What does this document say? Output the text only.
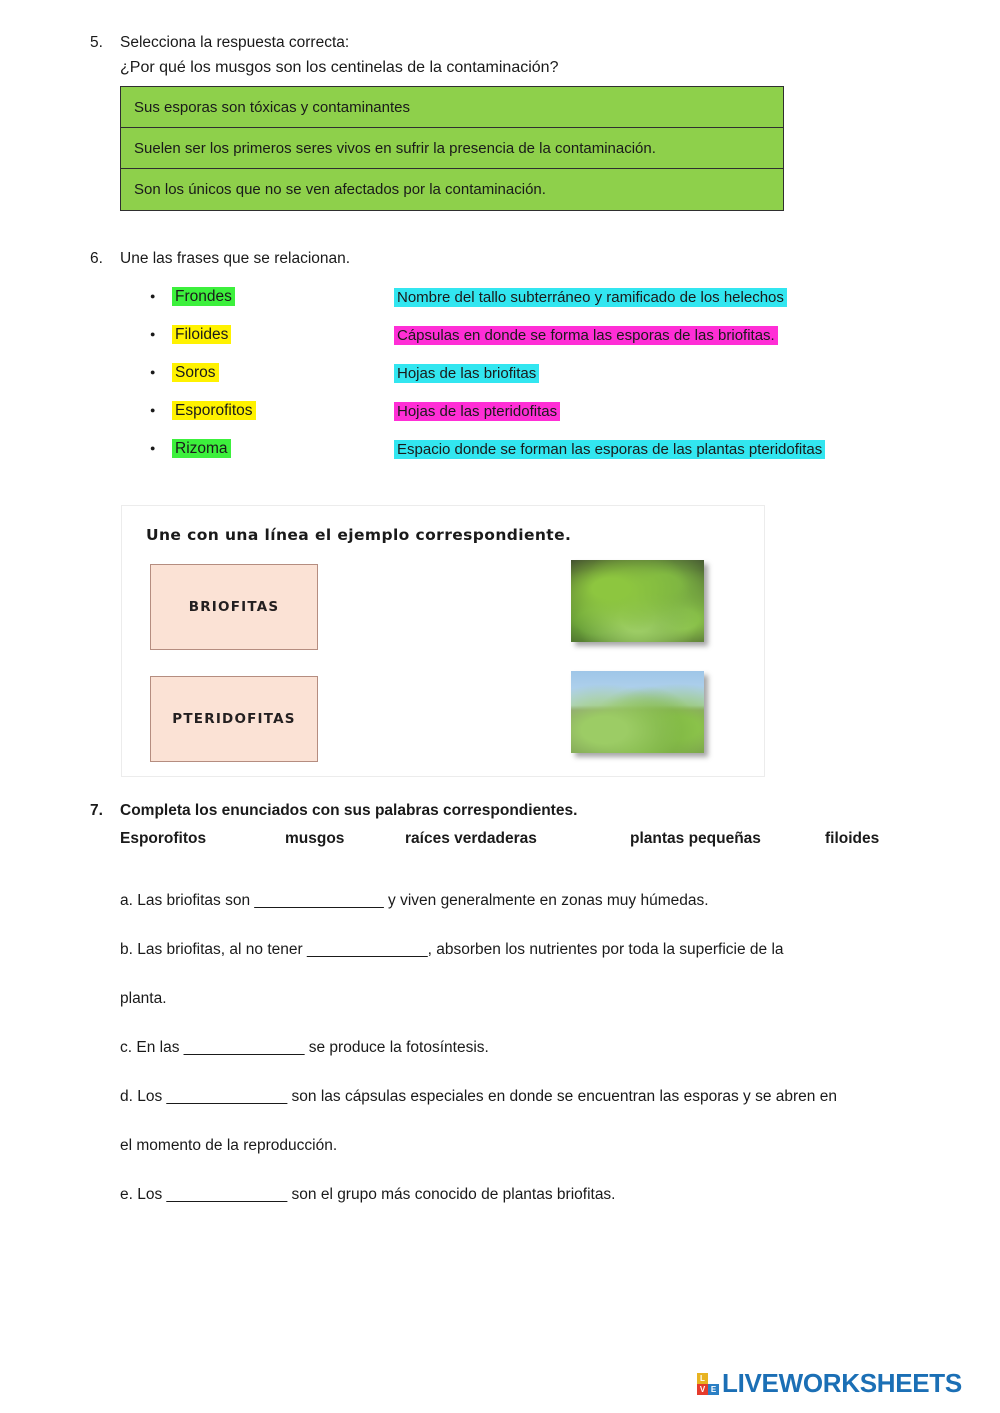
5.	Selecciona la respuesta correcta:
¿Por qué los musgos son los centinelas de la contaminación?
Sus esporas son tóxicas y contaminantes
Suelen ser los primeros seres vivos en sufrir la presencia de la contaminación.
Son los únicos que no se ven afectados por la contaminación.
6.	Une las frases que se relacionan.
●
Frondes	Nombre del tallo subterráneo y ramificado de los helechos
●
Filoides	Cápsulas en donde se forma las esporas de las briofitas.
●
Soros	Hojas de las briofitas
●
Esporofitos	Hojas de las pteridofitas
●
Rizoma	Espacio donde se forman las esporas de las plantas pteridofitas
Une con una línea el ejemplo correspondiente.
BRIOFITAS
PTERIDOFITAS
7.	Completa los enunciados con sus palabras correspondientes.
Esporofitos	musgos	raíces verdaderas	plantas pequeñas	filoides
a. Las briofitas son _______________ y viven generalmente en zonas muy húmedas.
b. Las briofitas, al no tener ______________, absorben los nutrientes por toda la superficie de la
planta.
c. En las ______________ se produce la fotosíntesis.
d. Los ______________ son las cápsulas especiales en donde se encuentran las esporas y se abren en
el momento de la reproducción.
e. Los ______________ son el grupo más conocido de plantas briofitas.
L
V E LIVEWORKSHEETS
